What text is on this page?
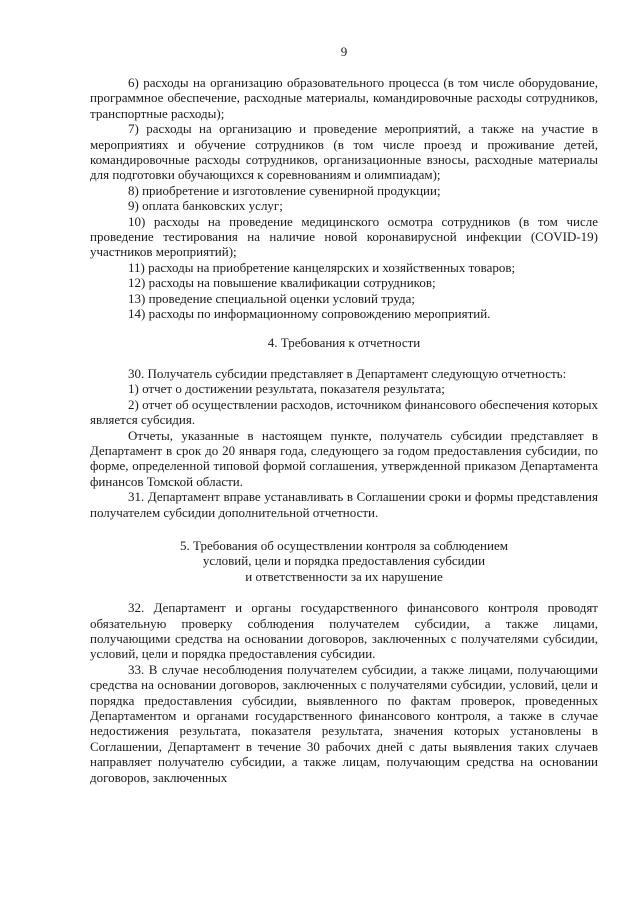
9

6) расходы на организацию образовательного процесса (в том числе оборудование, программное обеспечение, расходные материалы, командировочные расходы сотрудников, транспортные расходы);

7) расходы на организацию и проведение мероприятий, а также на участие в мероприятиях и обучение сотрудников (в том числе проезд и проживание детей, командировочные расходы сотрудников, организационные взносы, расходные материалы для подготовки обучающихся к соревнованиям и олимпиадам);

8) приобретение и изготовление сувенирной продукции;

9) оплата банковских услуг;

10) расходы на проведение медицинского осмотра сотрудников (в том числе проведение тестирования на наличие новой коронавирусной инфекции (COVID-19) участников мероприятий);

11) расходы на приобретение канцелярских и хозяйственных товаров;

12) расходы на повышение квалификации сотрудников;

13) проведение специальной оценки условий труда;

14) расходы по информационному сопровождению мероприятий.

4. Требования к отчетности

30. Получатель субсидии представляет в Департамент следующую отчетность:

1) отчет о достижении результата, показателя результата;

2) отчет об осуществлении расходов, источником финансового обеспечения которых является субсидия.

Отчеты, указанные в настоящем пункте, получатель субсидии представляет в Департамент в срок до 20 января года, следующего за годом предоставления субсидии, по форме, определенной типовой формой соглашения, утвержденной приказом Департамента финансов Томской области.

31. Департамент вправе устанавливать в Соглашении сроки и формы представления получателем субсидии дополнительной отчетности.

5. Требования об осуществлении контроля за соблюдением

условий, цели и порядка предоставления субсидии

и ответственности за их нарушение

32. Департамент и органы государственного финансового контроля проводят обязательную проверку соблюдения получателем субсидии, а также лицами, получающими средства на основании договоров, заключенных с получателями субсидии, условий, цели и порядка предоставления субсидии.

33. В случае несоблюдения получателем субсидии, а также лицами, получающими средства на основании договоров, заключенных с получателями субсидии, условий, цели и порядка предоставления субсидии, выявленного по фактам проверок, проведенных Департаментом и органами государственного финансового контроля, а также в случае недостижения результата, показателя результата, значения которых установлены в Соглашении, Департамент в течение 30 рабочих дней с даты выявления таких случаев направляет получателю субсидии, а также лицам, получающим средства на основании договоров, заключенных
